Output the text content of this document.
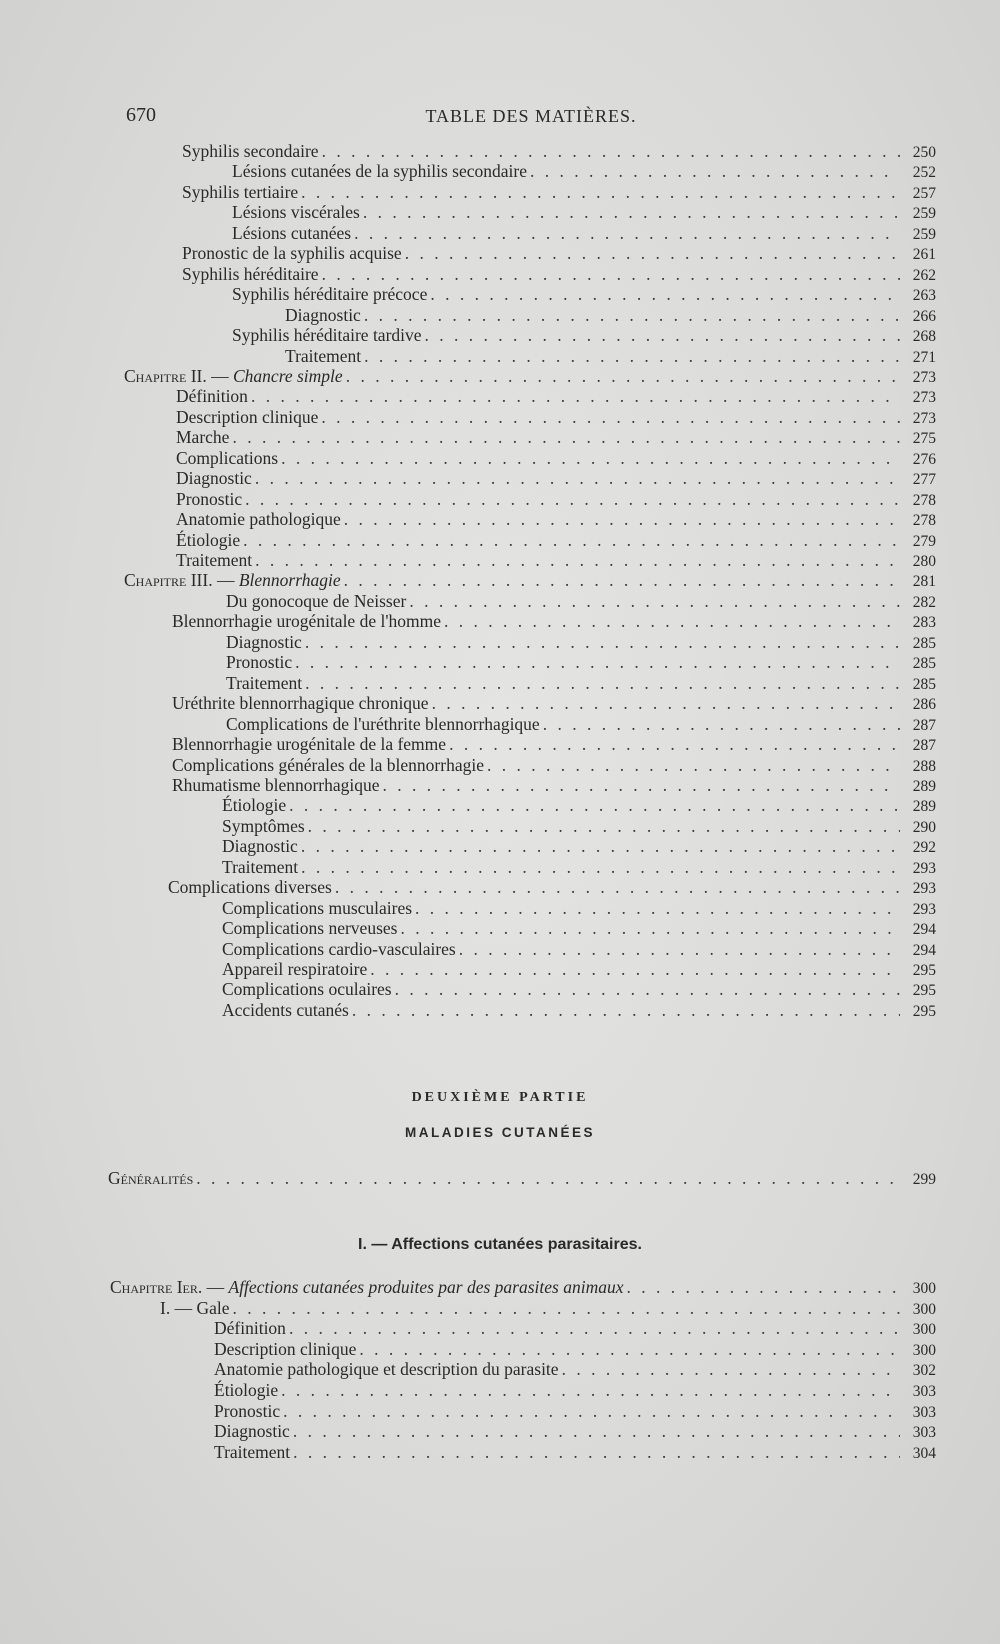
670	TABLE DES MATIÈRES.
Syphilis secondaire . . .	250
Lésions cutanées de la syphilis secondaire . . .	252
Syphilis tertiaire . . .	257
Lésions viscérales . . .	259
Lésions cutanées . . .	259
Pronostic de la syphilis acquise . . .	261
Syphilis héréditaire . . .	262
Syphilis héréditaire précoce . . .	263
Diagnostic . . .	266
Syphilis héréditaire tardive . . .	268
Traitement . . .	271
Chapitre II. — Chancre simple . . .	273
Définition . . .	273
Description clinique . . .	273
Marche . . .	275
Complications . . .	276
Diagnostic . . .	277
Pronostic . . .	278
Anatomie pathologique . . .	278
Étiologie . . .	279
Traitement . . .	280
Chapitre III. — Blennorrhagie . . .	281
Du gonocoque de Neisser . . .	282
Blennorrhagie urogénitale de l'homme . . .	283
Diagnostic . . .	285
Pronostic . . .	285
Traitement . . .	285
Uréthrite blennorrhagique chronique . . .	286
Complications de l'uréthrite blennorrhagique . . .	287
Blennorrhagie urogénitale de la femme . . .	287
Complications générales de la blennorrhagie . . .	288
Rhumatisme blennorrhagique . . .	289
Étiologie . . .	289
Symptômes . . .	290
Diagnostic . . .	292
Traitement . . .	293
Complications diverses . . .	293
Complications musculaires . . .	293
Complications nerveuses . . .	294
Complications cardio-vasculaires . . .	294
Appareil respiratoire . . .	295
Complications oculaires . . .	295
Accidents cutanés . . .	295
Généralités . . .	299
Chapitre Ier. — Affections cutanées produites par des parasites animaux . . .	300
I. — Gale . . .	300
Définition . . .	300
Description clinique . . .	300
Anatomie pathologique et description du parasite . . .	302
Étiologie . . .	303
Pronostic . . .	303
Diagnostic . . .	303
Traitement . . .	304
DEUXIÈME PARTIE
MALADIES CUTANÉES
I. — Affections cutanées parasitaires.
